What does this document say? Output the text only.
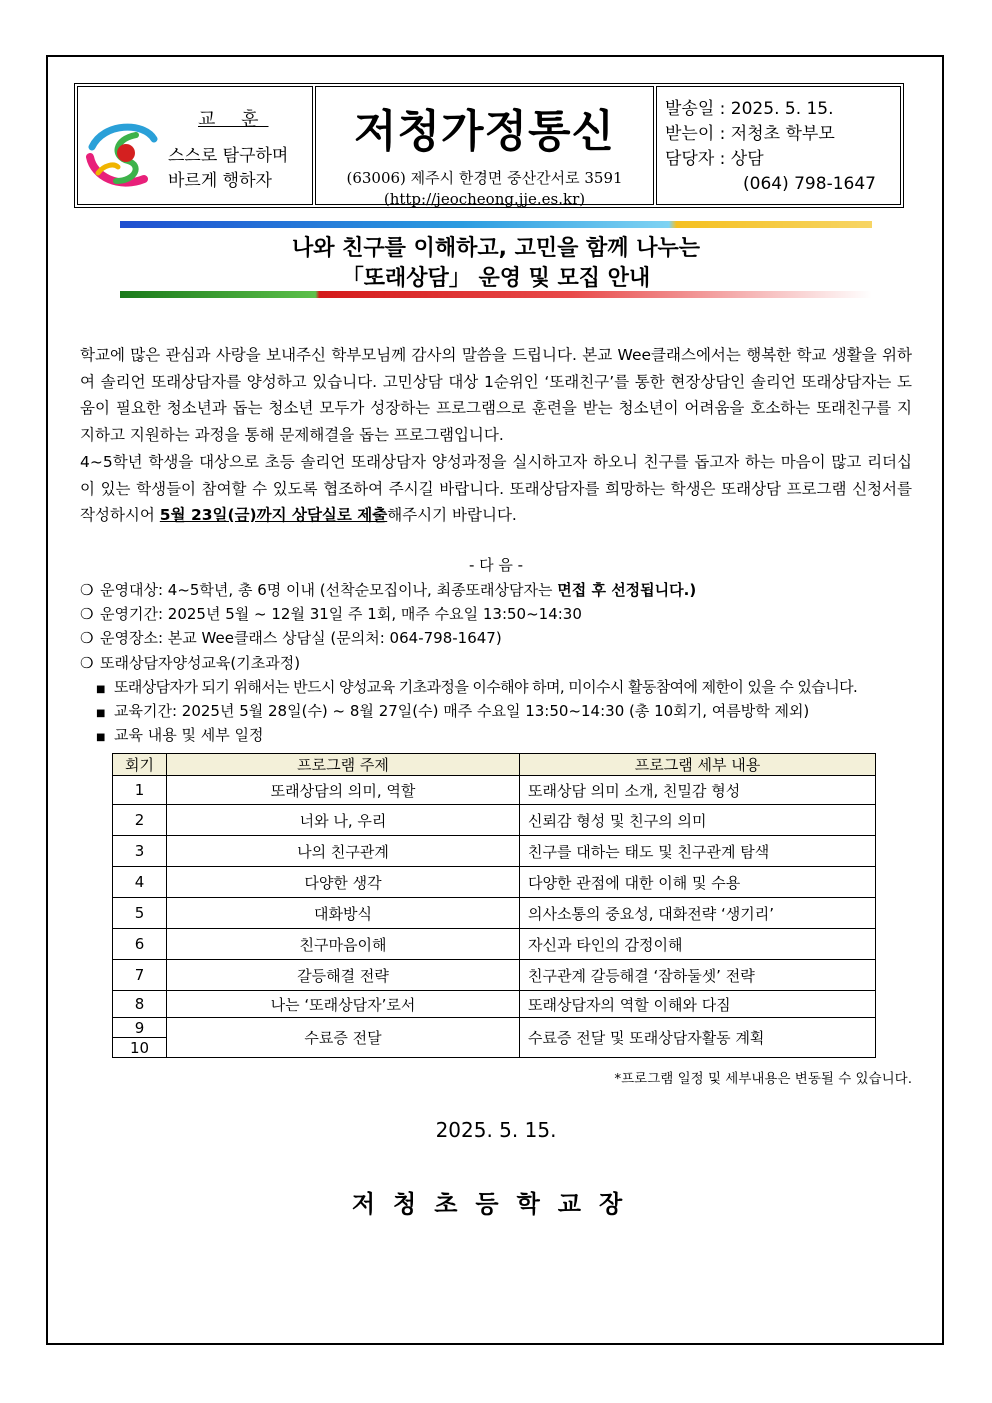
교 훈
스스로 탐구하며
바르게 행하자
저청가정통신
(63006) 제주시 한경면 중산간서로 3591
(http://jeocheong.jje.es.kr)
발송일 : 2025. 5. 15.
받는이 : 저청초 학부모
담당자 : 상담
(064) 798-1647
나와 친구를 이해하고, 고민을 함께 나누는
「또래상담」 운영 및 모집 안내
학교에 많은 관심과 사랑을 보내주신 학부모님께 감사의 말씀을 드립니다. 본교 Wee클래스에서는 행복한 학교 생활을 위하여 솔리언 또래상담자를 양성하고 있습니다. 고민상담 대상 1순위인 ‘또래친구’를 통한 현장상담인 솔리언 또래상담자는 도움이 필요한 청소년과 돕는 청소년 모두가 성장하는 프로그램으로 훈련을 받는 청소년이 어려움을 호소하는 또래친구를 지지하고 지원하는 과정을 통해 문제해결을 돕는 프로그램입니다.
4~5학년 학생을 대상으로 초등 솔리언 또래상담자 양성과정을 실시하고자 하오니 친구를 돕고자 하는 마음이 많고 리더십이 있는 학생들이 참여할 수 있도록 협조하여 주시길 바랍니다. 또래상담자를 희망하는 학생은 또래상담 프로그램 신청서를 작성하시어 5월 23일(금)까지 상담실로 제출해주시기 바랍니다.
- 다 음 -
❍ 운영대상: 4~5학년, 총 6명 이내 (선착순모집이나, 최종또래상담자는 면접 후 선정됩니다.)
❍ 운영기간: 2025년 5월 ~ 12월 31일 주 1회, 매주 수요일 13:50~14:30
❍ 운영장소: 본교 Wee클래스 상담실 (문의처: 064-798-1647)
❍ 또래상담자양성교육(기초과정)
■ 또래상담자가 되기 위해서는 반드시 양성교육 기초과정을 이수해야 하며, 미이수시 활동참여에 제한이 있을 수 있습니다.
■ 교육기간: 2025년 5월 28일(수) ~ 8월 27일(수) 매주 수요일 13:50~14:30 (총 10회기, 여름방학 제외)
■ 교육 내용 및 세부 일정
회기	프로그램 주제	프로그램 세부 내용
1	또래상담의 의미, 역할	또래상담 의미 소개, 친밀감 형성
2	너와 나, 우리	신뢰감 형성 및 친구의 의미
3	나의 친구관계	친구를 대하는 태도 및 친구관계 탐색
4	다양한 생각	다양한 관점에 대한 이해 및 수용
5	대화방식	의사소통의 중요성, 대화전략 ‘생기리’
6	친구마음이해	자신과 타인의 감정이해
7	갈등해결 전략	친구관계 갈등해결 ‘잠하둘셋’ 전략
8	나는 ‘또래상담자’로서	또래상담자의 역할 이해와 다짐
9	수료증 전달	수료증 전달 및 또래상담자활동 계획
10		
*프로그램 일정 및 세부내용은 변동될 수 있습니다.
2025. 5. 15.
저청초등학교장
